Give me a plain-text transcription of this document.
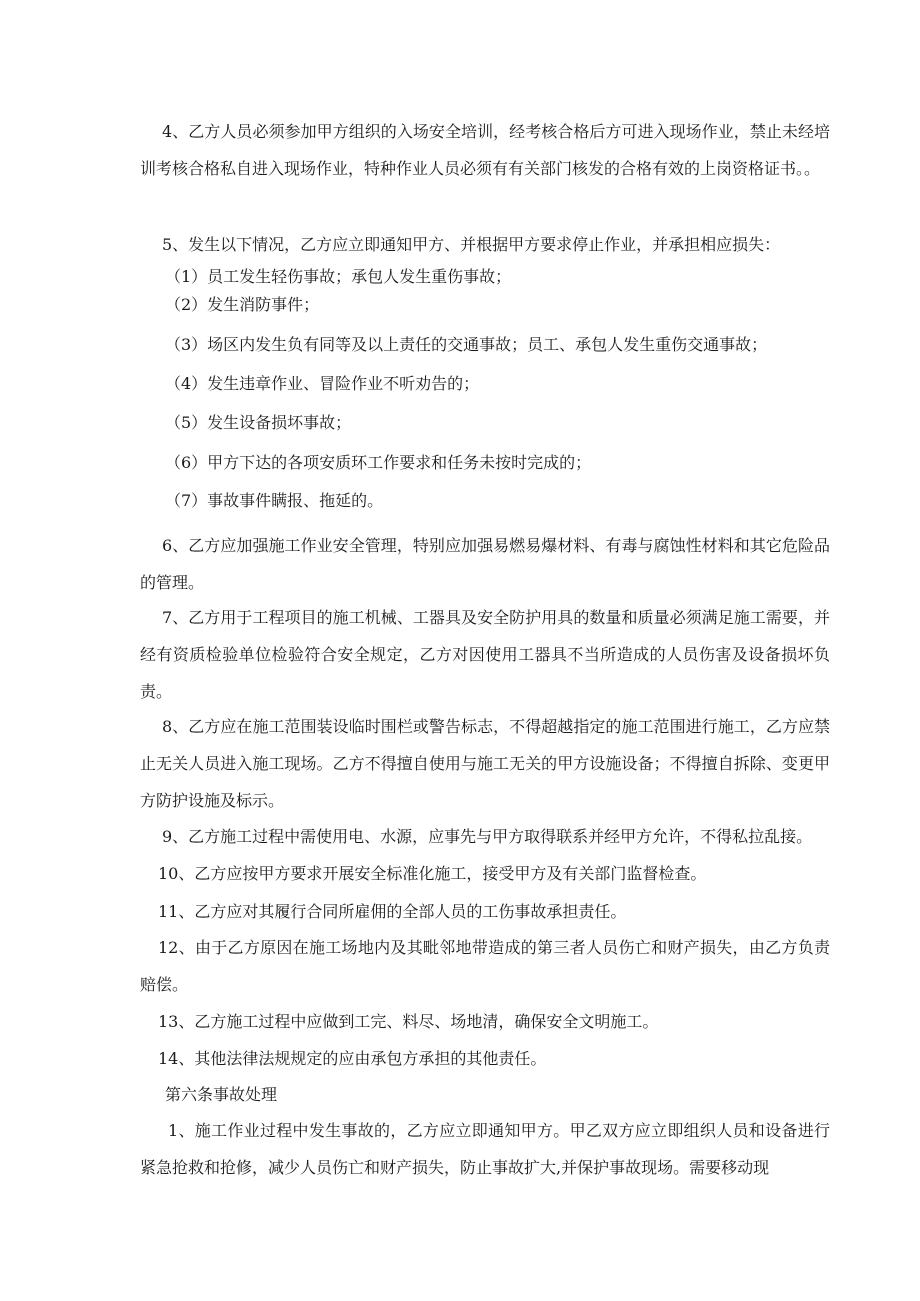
4、乙方人员必须参加甲方组织的入场安全培训，经考核合格后方可进入现场作业，禁止未经培训考核合格私自进入现场作业，特种作业人员必须有有关部门核发的合格有效的上岗资格证书。。
5、发生以下情况，乙方应立即通知甲方、并根据甲方要求停止作业，并承担相应损失：
（1）员工发生轻伤事故；承包人发生重伤事故；
（2）发生消防事件；
（3）场区内发生负有同等及以上责任的交通事故；员工、承包人发生重伤交通事故；
（4）发生违章作业、冒险作业不听劝告的；
（5）发生设备损坏事故；
（6）甲方下达的各项安质环工作要求和任务未按时完成的；
（7）事故事件瞒报、拖延的。
6、乙方应加强施工作业安全管理，特别应加强易燃易爆材料、有毒与腐蚀性材料和其它危险品的管理。
7、乙方用于工程项目的施工机械、工器具及安全防护用具的数量和质量必须满足施工需要，并经有资质检验单位检验符合安全规定，乙方对因使用工器具不当所造成的人员伤害及设备损坏负责。
8、乙方应在施工范围装设临时围栏或警告标志，不得超越指定的施工范围进行施工，乙方应禁止无关人员进入施工现场。乙方不得擅自使用与施工无关的甲方设施设备；不得擅自拆除、变更甲方防护设施及标示。
9、乙方施工过程中需使用电、水源，应事先与甲方取得联系并经甲方允许，不得私拉乱接。
10、乙方应按甲方要求开展安全标准化施工，接受甲方及有关部门监督检查。
11、乙方应对其履行合同所雇佣的全部人员的工伤事故承担责任。
12、由于乙方原因在施工场地内及其毗邻地带造成的第三者人员伤亡和财产损失，由乙方负责赔偿。
13、乙方施工过程中应做到工完、料尽、场地清，确保安全文明施工。
14、其他法律法规规定的应由承包方承担的其他责任。
第六条事故处理
1、施工作业过程中发生事故的，乙方应立即通知甲方。甲乙双方应立即组织人员和设备进行紧急抢救和抢修，减少人员伤亡和财产损失，防止事故扩大,并保护事故现场。需要移动现
